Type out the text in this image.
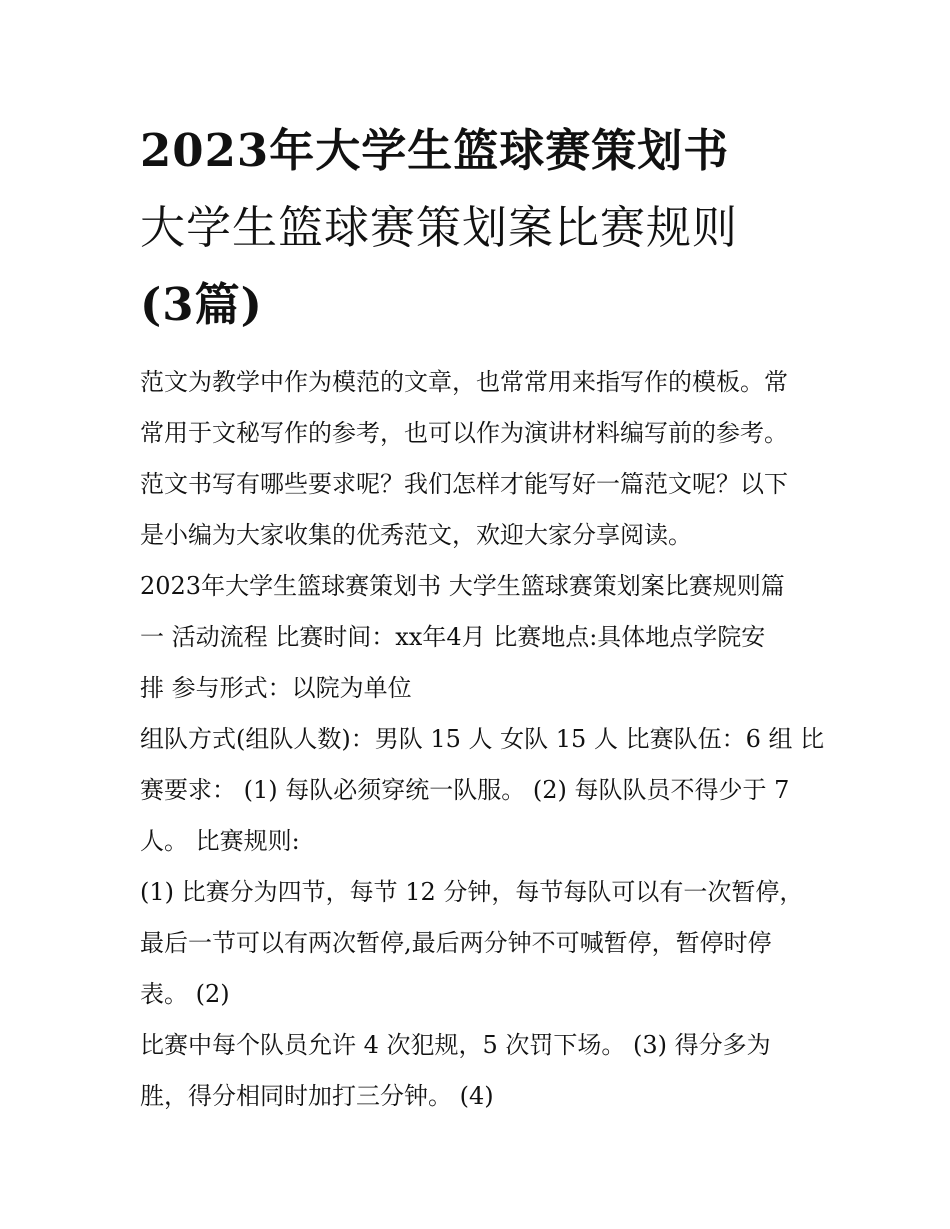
2023年大学生篮球赛策划书
大学生篮球赛策划案比赛规则
(3篇)
范文为教学中作为模范的文章，也常常用来指写作的模板。常
常用于文秘写作的参考，也可以作为演讲材料编写前的参考。
范文书写有哪些要求呢？我们怎样才能写好一篇范文呢？以下
是小编为大家收集的优秀范文，欢迎大家分享阅读。
2023年大学生篮球赛策划书 大学生篮球赛策划案比赛规则篇
一 活动流程 比赛时间：xx年4月 比赛地点:具体地点学院安
排 参与形式：以院为单位
组队方式(组队人数)：男队 15 人 女队 15 人 比赛队伍：6 组 比
赛要求： (1) 每队必须穿统一队服。 (2) 每队队员不得少于 7
人。 比赛规则:
(1) 比赛分为四节，每节 12 分钟，每节每队可以有一次暂停，
最后一节可以有两次暂停,最后两分钟不可喊暂停，暂停时停
表。 (2)
比赛中每个队员允许 4 次犯规，5 次罚下场。 (3) 得分多为
胜，得分相同时加打三分钟。 (4)
